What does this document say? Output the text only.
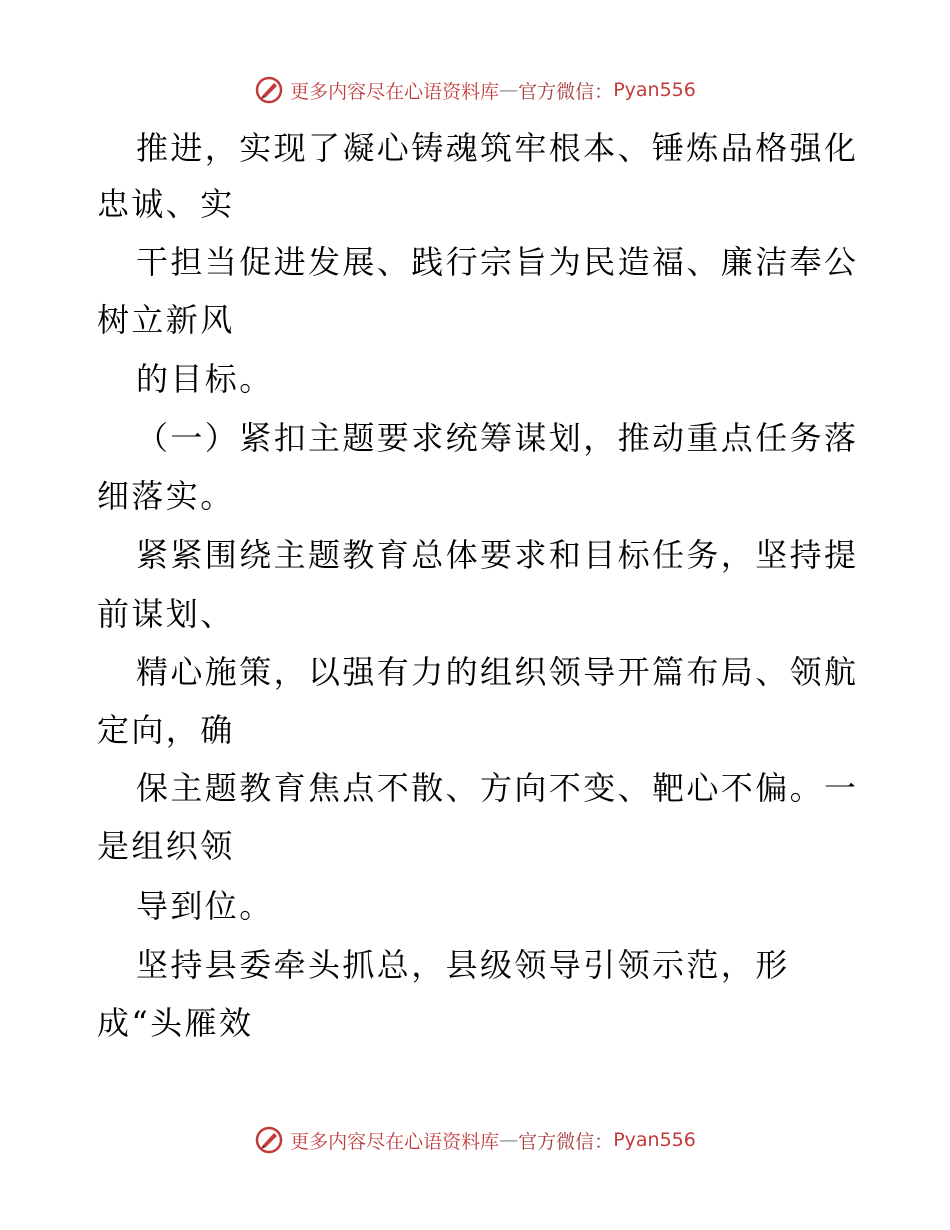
更多内容尽在心语资料库 — 官方微信： Pyan556
推进，实现了凝心铸魂筑牢根本、锤炼品格强化
忠诚、实
干担当促进发展、践行宗旨为民造福、廉洁奉公
树立新风
的目标。
（一）紧扣主题要求统筹谋划，推动重点任务落
细落实。
紧紧围绕主题教育总体要求和目标任务，坚持提
前谋划、
精心施策，以强有力的组织领导开篇布局、领航
定向，确
保主题教育焦点不散、方向不变、靶心不偏。一
是组织领
导到位。
坚持县委牵头抓总，县级领导引领示范，形
成“头雁效
更多内容尽在心语资料库 — 官方微信： Pyan556
